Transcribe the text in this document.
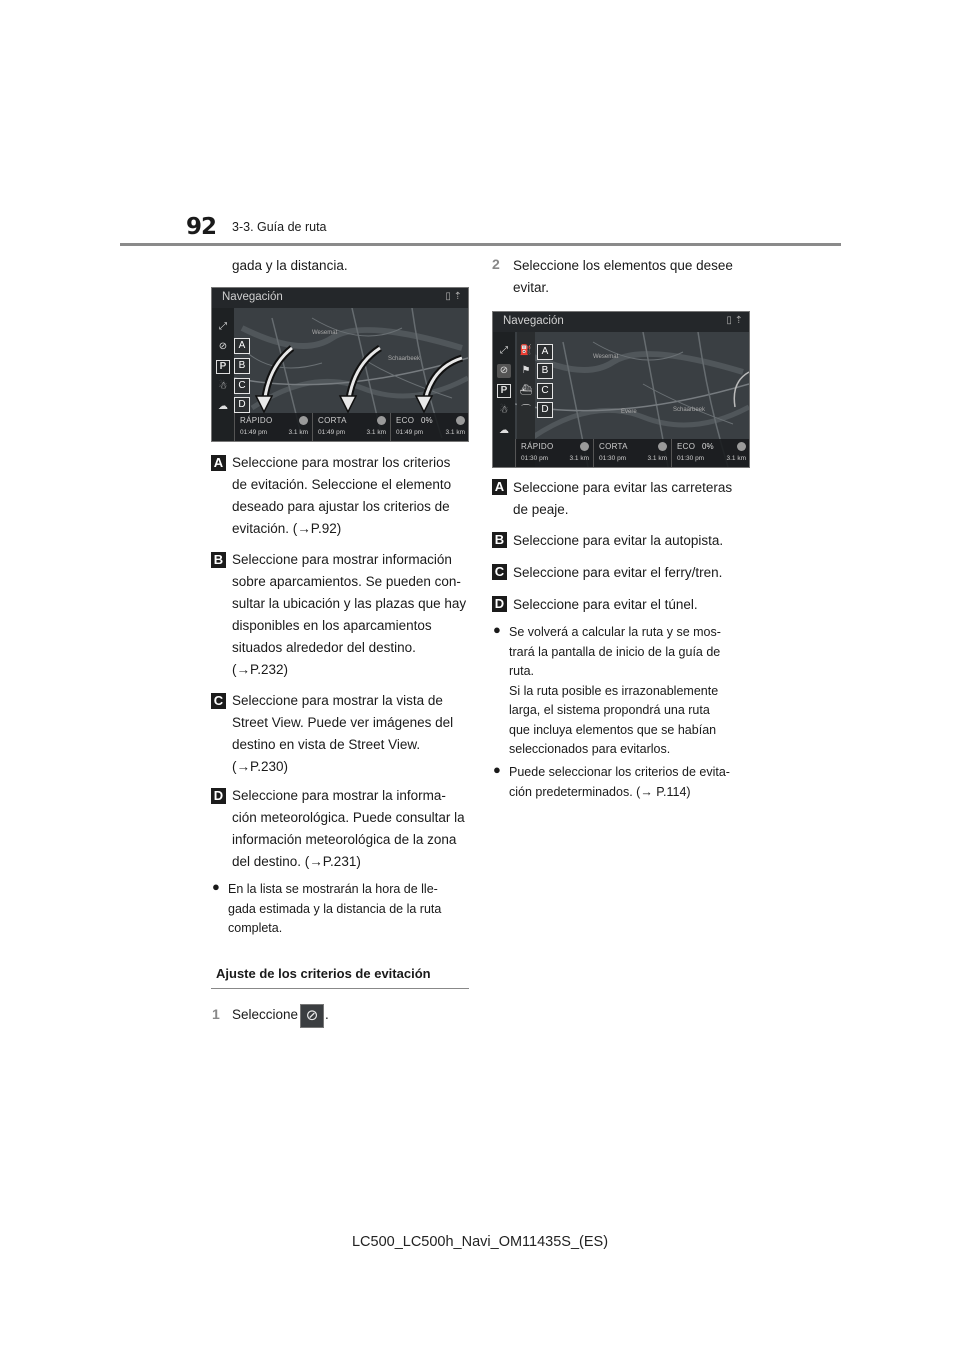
92 3-3. Guía de ruta
gada y la distancia.
Wesemat
Schaarbeek
Navegación	▯ ⇡
⤢
⊘
P
☃
☁
A
B
C
D
RÁPIDO
01:49 pm	3.1 km
CORTA
01:49 pm	3.1 km
ECO 0%
01:49 pm	3.1 km
A Seleccione para mostrar los criterios
de evitación. Seleccione el elemento
deseado para ajustar los criterios de
evitación. (→P.92)
B Seleccione para mostrar información
sobre aparcamientos. Se pueden con-
sultar la ubicación y las plazas que hay
disponibles en los aparcamientos
situados alrededor del destino.
(→P.232)
C Seleccione para mostrar la vista de
Street View. Puede ver imágenes del
destino en vista de Street View.
(→P.230)
D Seleccione para mostrar la informa-
ción meteorológica. Puede consultar la
información meteorológica de la zona
del destino. (→P.231)
● En la lista se mostrarán la hora de lle-
gada estimada y la distancia de la ruta
completa.
Ajuste de los criterios de evitación
1 Seleccione ⊘ .
2 Seleccione los elementos que desee
evitar.
Wesemat
Schaarbeek
Evere
Navegación	▯ ⇡
⤢
⊘
P
☃
☁
⛽
⚑
⛴
⌒
A
B
C
D
RÁPIDO
01:30 pm	3.1 km
CORTA
01:30 pm	3.1 km
ECO 0%
01:30 pm	3.1 km
A Seleccione para evitar las carreteras
de peaje.
B Seleccione para evitar la autopista.
C Seleccione para evitar el ferry/tren.
D Seleccione para evitar el túnel.
● Se volverá a calcular la ruta y se mos-
trará la pantalla de inicio de la guía de
ruta.
Si la ruta posible es irrazonablemente
larga, el sistema propondrá una ruta
que incluya elementos que se habían
seleccionados para evitarlos.
● Puede seleccionar los criterios de evita-
ción predeterminados. (→ P.114)
LC500_LC500h_Navi_OM11435S_(ES)
